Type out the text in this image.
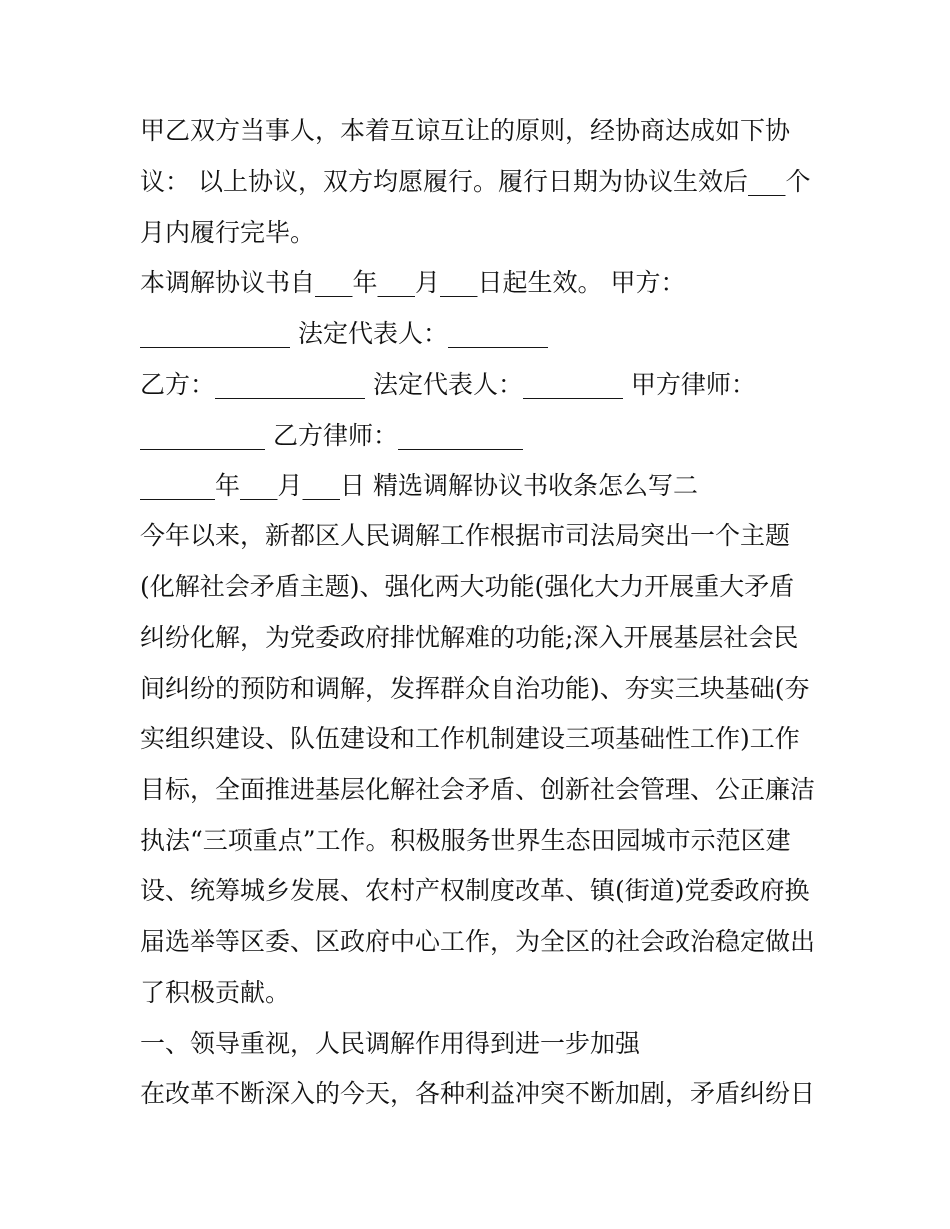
甲乙双方当事人，本着互谅互让的原则，经协商达成如下协
议： 以上协议，双方均愿履行。履行日期为协议生效后___个
月内履行完毕。
本调解协议书自___年___月___日起生效。 甲方：
____________ 法定代表人：________
乙方：____________ 法定代表人：________ 甲方律师：
__________ 乙方律师：__________
______年___月___日 精选调解协议书收条怎么写二
今年以来，新都区人民调解工作根据市司法局突出一个主题
(化解社会矛盾主题)、强化两大功能(强化大力开展重大矛盾
纠纷化解，为党委政府排忧解难的功能;深入开展基层社会民
间纠纷的预防和调解，发挥群众自治功能)、夯实三块基础(夯
实组织建设、队伍建设和工作机制建设三项基础性工作)工作
目标，全面推进基层化解社会矛盾、创新社会管理、公正廉洁
执法“三项重点”工作。积极服务世界生态田园城市示范区建
设、统筹城乡发展、农村产权制度改革、镇(街道)党委政府换
届选举等区委、区政府中心工作，为全区的社会政治稳定做出
了积极贡献。
一、领导重视，人民调解作用得到进一步加强
在改革不断深入的今天，各种利益冲突不断加剧，矛盾纠纷日
